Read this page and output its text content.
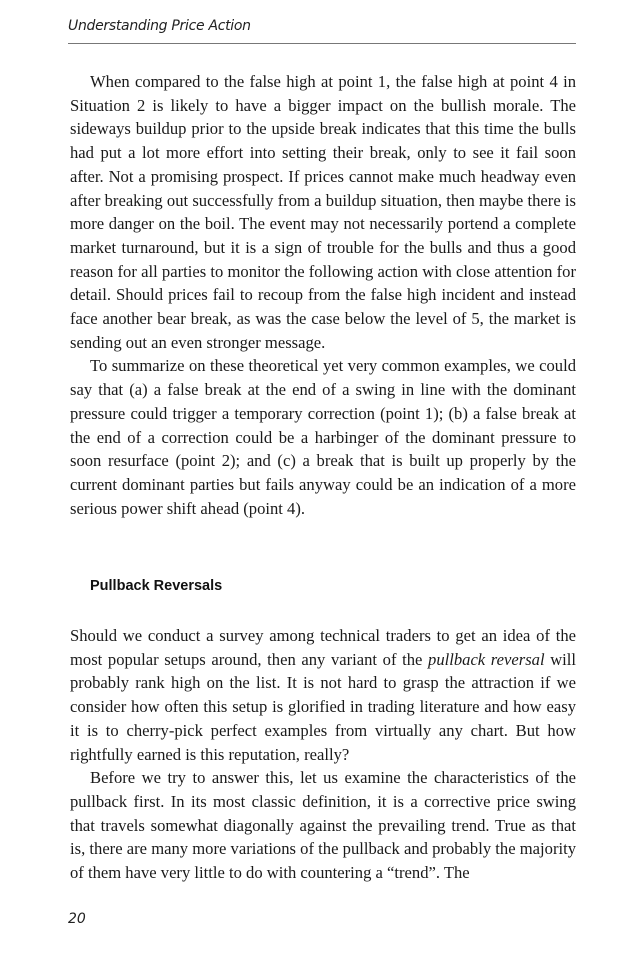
Understanding Price Action

When compared to the false high at point 1, the false high at point 4 in Situation 2 is likely to have a bigger impact on the bullish morale. The sideways buildup prior to the upside break indicates that this time the bulls had put a lot more effort into setting their break, only to see it fail soon after. Not a promising prospect. If prices cannot make much headway even after breaking out successfully from a buildup situation, then maybe there is more danger on the boil. The event may not necessarily portend a complete market turnaround, but it is a sign of trouble for the bulls and thus a good reason for all parties to monitor the following action with close attention for detail. Should prices fail to recoup from the false high incident and instead face another bear break, as was the case below the level of 5, the market is sending out an even stronger message.

To summarize on these theoretical yet very common examples, we could say that (a) a false break at the end of a swing in line with the dominant pressure could trigger a temporary correction (point 1); (b) a false break at the end of a correction could be a harbinger of the dominant pressure to soon resurface (point 2); and (c) a break that is built up properly by the current dominant parties but fails anyway could be an indication of a more serious power shift ahead (point 4).

Pullback Reversals

Should we conduct a survey among technical traders to get an idea of the most popular setups around, then any variant of the pullback reversal will probably rank high on the list. It is not hard to grasp the attraction if we consider how often this setup is glorified in trading literature and how easy it is to cherry-pick perfect examples from virtually any chart. But how rightfully earned is this reputation, really?

Before we try to answer this, let us examine the characteristics of the pullback first. In its most classic definition, it is a corrective price swing that travels somewhat diagonally against the prevailing trend. True as that is, there are many more variations of the pullback and probably the majority of them have very little to do with countering a “trend”. The

20
